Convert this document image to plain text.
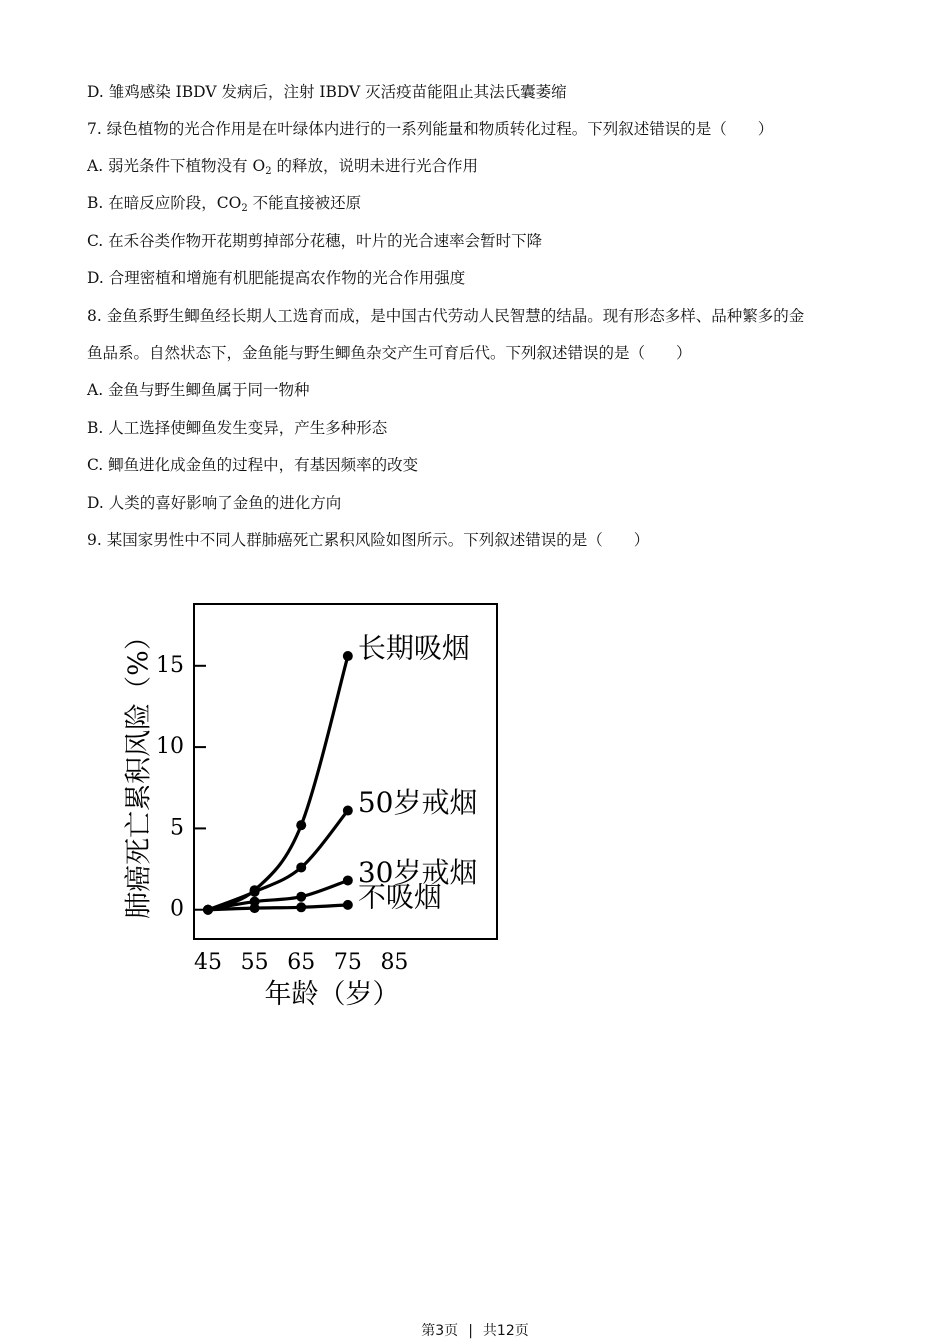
D. 雏鸡感染 IBDV 发病后，注射 IBDV 灭活疫苗能阻止其法氏囊萎缩
7. 绿色植物的光合作用是在叶绿体内进行的一系列能量和物质转化过程。下列叙述错误的是（　　）
A. 弱光条件下植物没有 $O_2$ 的释放，说明未进行光合作用
B. 在暗反应阶段，$CO_2$ 不能直接被还原
C. 在禾谷类作物开花期剪掉部分花穗，叶片的光合速率会暂时下降
D. 合理密植和增施有机肥能提高农作物的光合作用强度
8. 金鱼系野生鲫鱼经长期人工选育而成，是中国古代劳动人民智慧的结晶。现有形态多样、品种繁多的金
鱼品系。自然状态下，金鱼能与野生鲫鱼杂交产生可育后代。下列叙述错误的是（　　）
A. 金鱼与野生鲫鱼属于同一物种
B. 人工选择使鲫鱼发生变异，产生多种形态
C. 鲫鱼进化成金鱼的过程中，有基因频率的改变
D. 人类的喜好影响了金鱼的进化方向
9. 某国家男性中不同人群肺癌死亡累积风险如图所示。下列叙述错误的是（　　）
0
5
10
15
45 55 65 75 85
长期吸烟
50岁戒烟
30岁戒烟
不吸烟
肺癌死亡累积风险（%）
年龄（岁）
第3页 | 共12页
